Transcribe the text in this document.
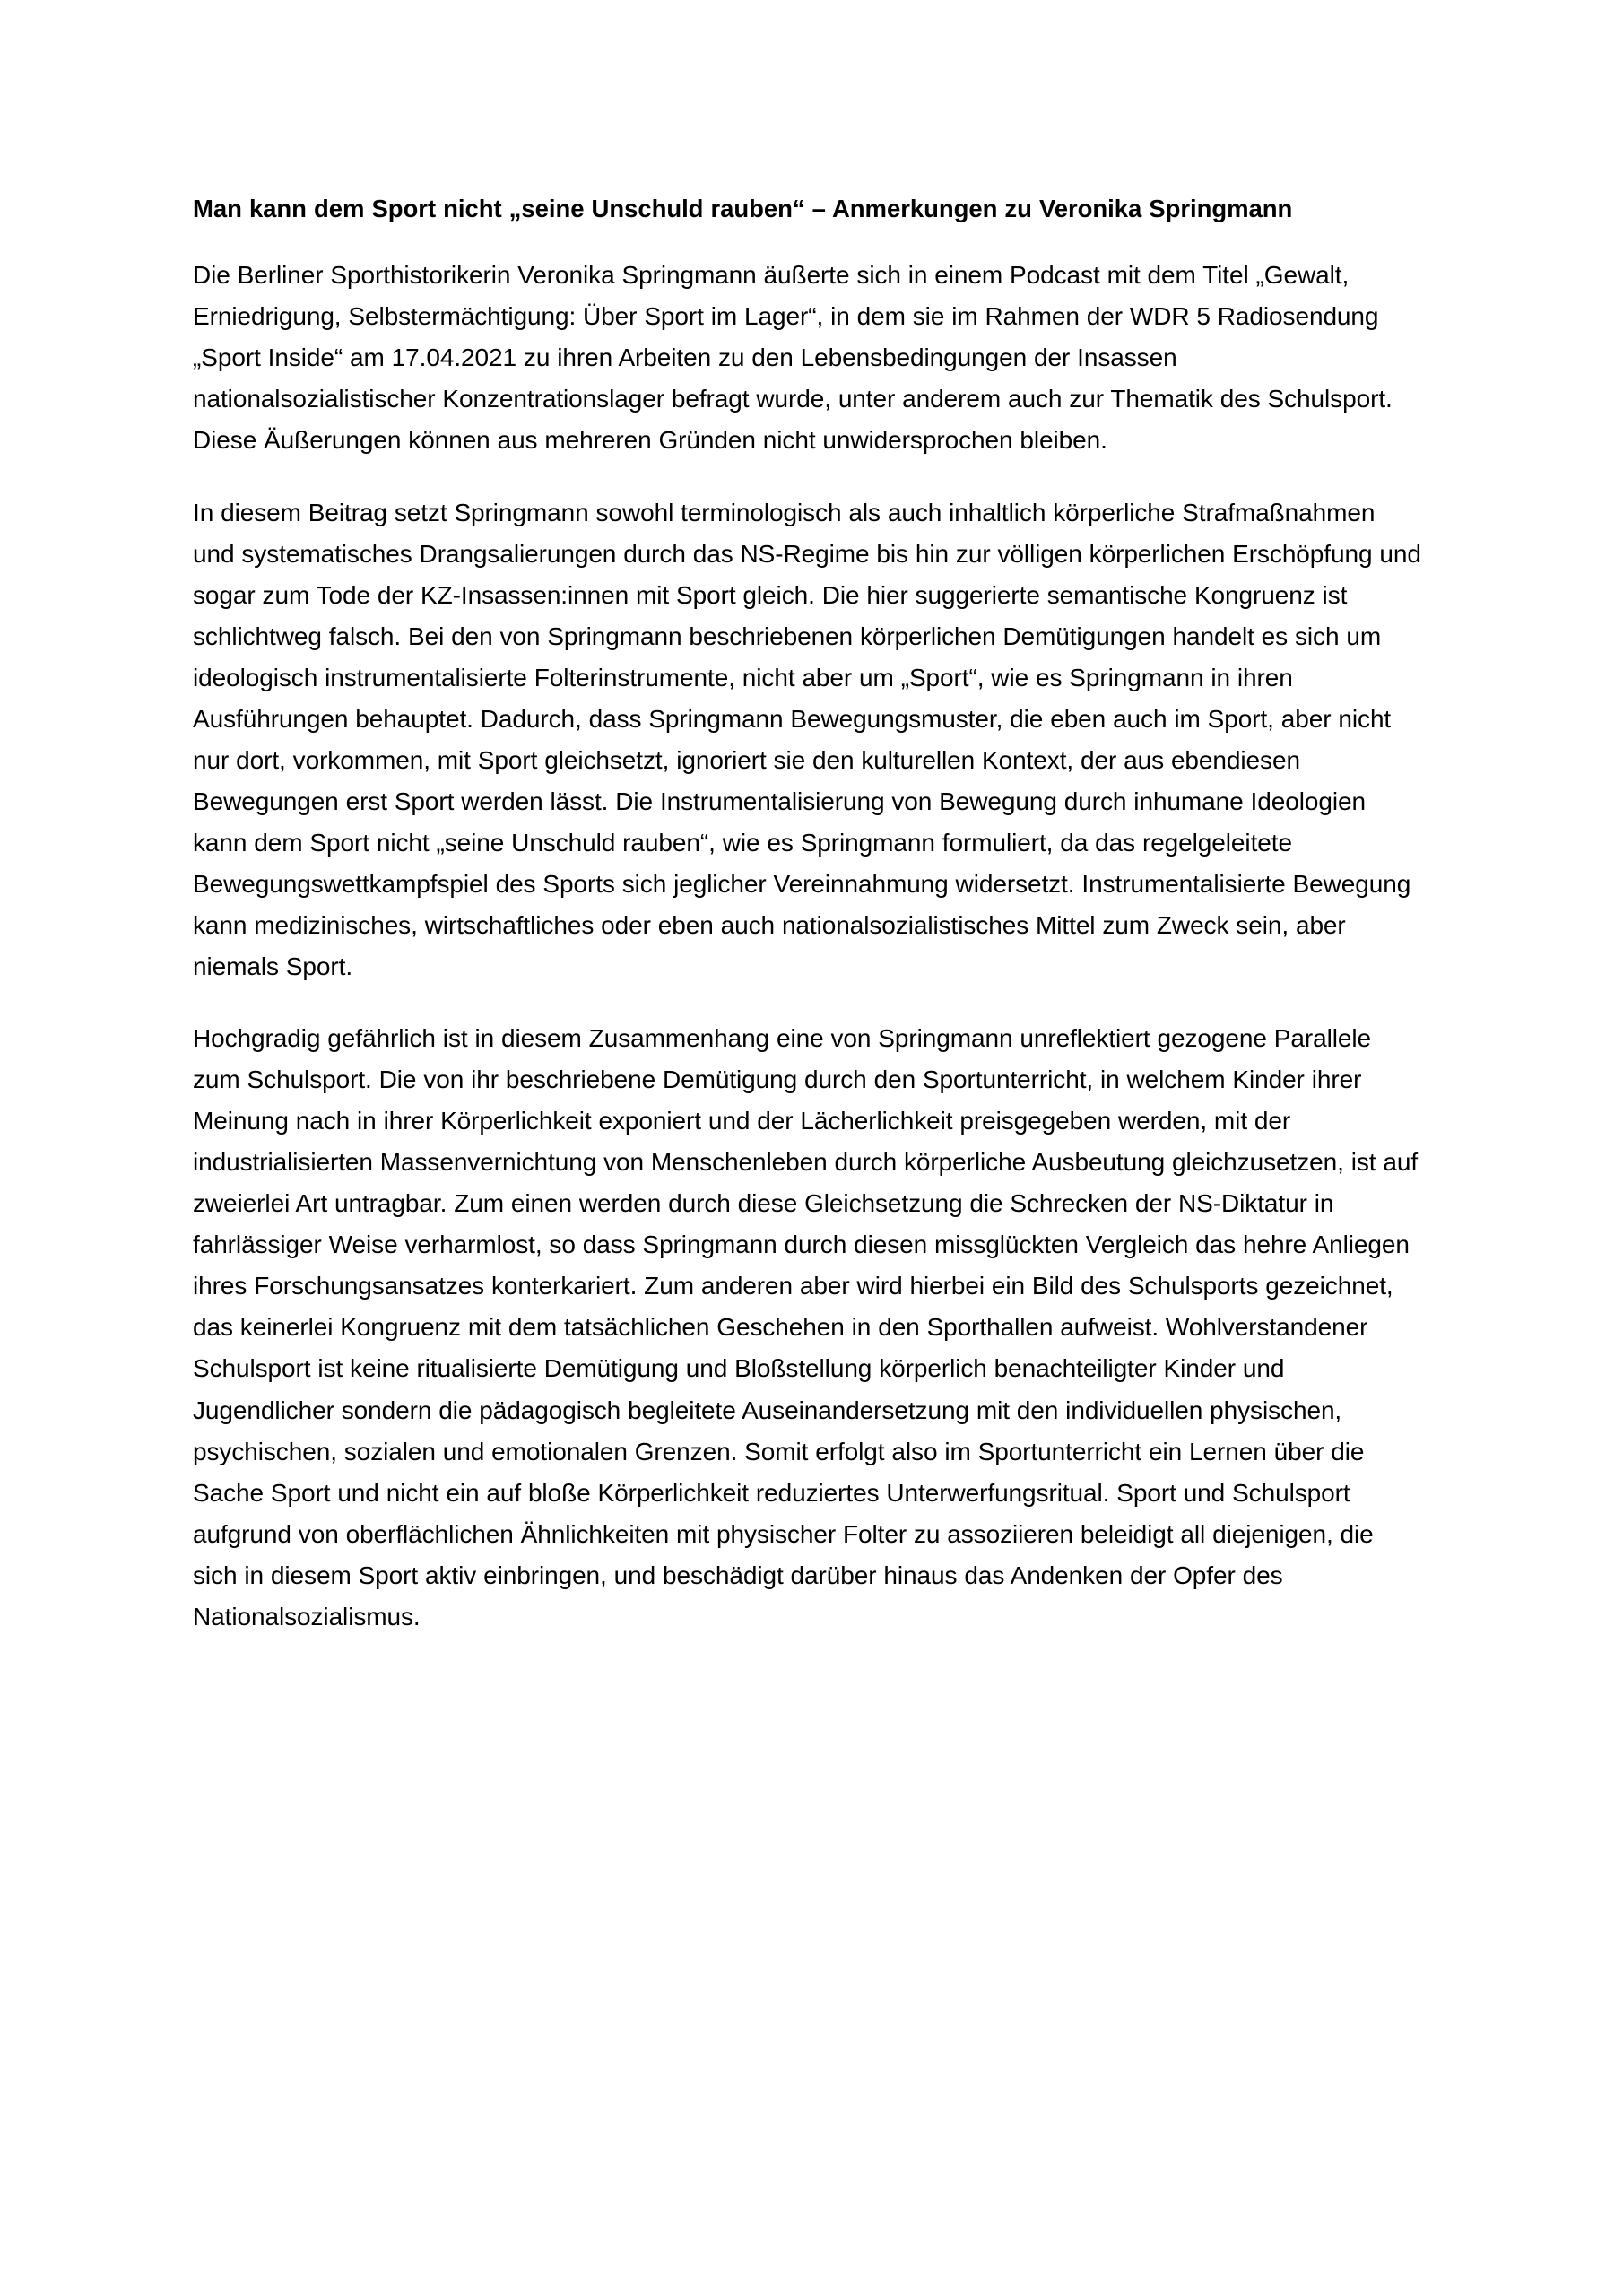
Man kann dem Sport nicht „seine Unschuld rauben“ – Anmerkungen zu Veronika Springmann

Die Berliner Sporthistorikerin Veronika Springmann äußerte sich in einem Podcast mit dem Titel „Gewalt, Erniedrigung, Selbstermächtigung: Über Sport im Lager“, in dem sie im Rahmen der WDR 5 Radiosendung „Sport Inside“ am 17.04.2021 zu ihren Arbeiten zu den Lebensbedingungen der Insassen nationalsozialistischer Konzentrationslager befragt wurde, unter anderem auch zur Thematik des Schulsport. Diese Äußerungen können aus mehreren Gründen nicht unwidersprochen bleiben.

In diesem Beitrag setzt Springmann sowohl terminologisch als auch inhaltlich körperliche Strafmaßnahmen und systematisches Drangsalierungen durch das NS-Regime bis hin zur völligen körperlichen Erschöpfung und sogar zum Tode der KZ-Insassen:innen mit Sport gleich. Die hier suggerierte semantische Kongruenz ist schlichtweg falsch. Bei den von Springmann beschriebenen körperlichen Demütigungen handelt es sich um ideologisch instrumentalisierte Folterinstrumente, nicht aber um „Sport“, wie es Springmann in ihren Ausführungen behauptet. Dadurch, dass Springmann Bewegungsmuster, die eben auch im Sport, aber nicht nur dort, vorkommen, mit Sport gleichsetzt, ignoriert sie den kulturellen Kontext, der aus ebendiesen Bewegungen erst Sport werden lässt. Die Instrumentalisierung von Bewegung durch inhumane Ideologien kann dem Sport nicht „seine Unschuld rauben“, wie es Springmann formuliert, da das regelgeleitete Bewegungswettkampfspiel des Sports sich jeglicher Vereinnahmung widersetzt. Instrumentalisierte Bewegung kann medizinisches, wirtschaftliches oder eben auch nationalsozialistisches Mittel zum Zweck sein, aber niemals Sport.

Hochgradig gefährlich ist in diesem Zusammenhang eine von Springmann unreflektiert gezogene Parallele zum Schulsport. Die von ihr beschriebene Demütigung durch den Sportunterricht, in welchem Kinder ihrer Meinung nach in ihrer Körperlichkeit exponiert und der Lächerlichkeit preisgegeben werden, mit der industrialisierten Massenvernichtung von Menschenleben durch körperliche Ausbeutung gleichzusetzen, ist auf zweierlei Art untragbar. Zum einen werden durch diese Gleichsetzung die Schrecken der NS-Diktatur in fahrlässiger Weise verharmlost, so dass Springmann durch diesen missglückten Vergleich das hehre Anliegen ihres Forschungsansatzes konterkariert. Zum anderen aber wird hierbei ein Bild des Schulsports gezeichnet, das keinerlei Kongruenz mit dem tatsächlichen Geschehen in den Sporthallen aufweist. Wohlverstandener Schulsport ist keine ritualisierte Demütigung und Bloßstellung körperlich benachteiligter Kinder und Jugendlicher sondern die pädagogisch begleitete Auseinandersetzung mit den individuellen physischen, psychischen, sozialen und emotionalen Grenzen. Somit erfolgt also im Sportunterricht ein Lernen über die Sache Sport und nicht ein auf bloße Körperlichkeit reduziertes Unterwerfungsritual. Sport und Schulsport aufgrund von oberflächlichen Ähnlichkeiten mit physischer Folter zu assoziieren beleidigt all diejenigen, die sich in diesem Sport aktiv einbringen, und beschädigt darüber hinaus das Andenken der Opfer des Nationalsozialismus.
